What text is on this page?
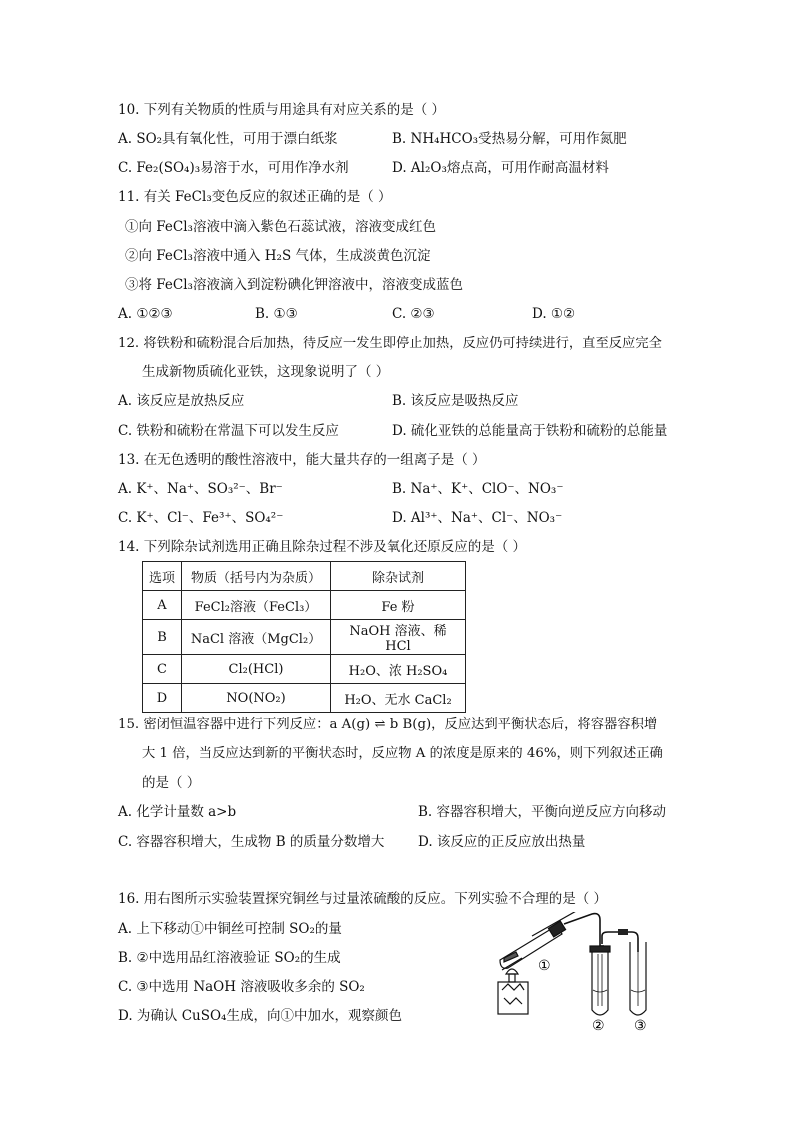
10. 下列有关物质的性质与用途具有对应关系的是（ ）
A. SO₂具有氧化性，可用于漂白纸浆	B. NH₄HCO₃受热易分解，可用作氮肥
C. Fe₂(SO₄)₃易溶于水，可用作净水剂	D. Al₂O₃熔点高，可用作耐高温材料
11. 有关 FeCl₃变色反应的叙述正确的是（ ）
①向 FeCl₃溶液中滴入紫色石蕊试液，溶液变成红色
②向 FeCl₃溶液中通入 H₂S 气体，生成淡黄色沉淀
③将 FeCl₃溶液滴入到淀粉碘化钾溶液中，溶液变成蓝色
A. ①②③	B. ①③	C. ②③	D. ①②
12. 将铁粉和硫粉混合后加热，待反应一发生即停止加热，反应仍可持续进行，直至反应完全
生成新物质硫化亚铁，这现象说明了（ ）
A. 该反应是放热反应	B. 该反应是吸热反应
C. 铁粉和硫粉在常温下可以发生反应	D. 硫化亚铁的总能量高于铁粉和硫粉的总能量
13. 在无色透明的酸性溶液中，能大量共存的一组离子是（ ）
A. K⁺、Na⁺、SO₃²⁻、Br⁻	B. Na⁺、K⁺、ClO⁻、NO₃⁻
C. K⁺、Cl⁻、Fe³⁺、SO₄²⁻	D. Al³⁺、Na⁺、Cl⁻、NO₃⁻
14. 下列除杂试剂选用正确且除杂过程不涉及氧化还原反应的是（ ）
选项	物质（括号内为杂质）	除杂试剂
A	FeCl₂溶液（FeCl₃）	Fe 粉
B	NaCl 溶液（MgCl₂）	NaOH 溶液、稀 HCl
C	Cl₂(HCl)	H₂O、浓 H₂SO₄
D	NO(NO₂)	H₂O、无水 CaCl₂
15. 密闭恒温容器中进行下列反应：a A(g) ⇌ b B(g)，反应达到平衡状态后，将容器容积增
大 1 倍，当反应达到新的平衡状态时，反应物 A 的浓度是原来的 46%，则下列叙述正确
的是（ ）
A. 化学计量数 a>b	B. 容器容积增大，平衡向逆反应方向移动
C. 容器容积增大，生成物 B 的质量分数增大 D. 该反应的正反应放出热量
16. 用右图所示实验装置探究铜丝与过量浓硫酸的反应。下列实验不合理的是（ ）
A. 上下移动①中铜丝可控制 SO₂的量
B. ②中选用品红溶液验证 SO₂的生成
C. ③中选用 NaOH 溶液吸收多余的 SO₂
D. 为确认 CuSO₄生成，向①中加水，观察颜色
①
② ③
